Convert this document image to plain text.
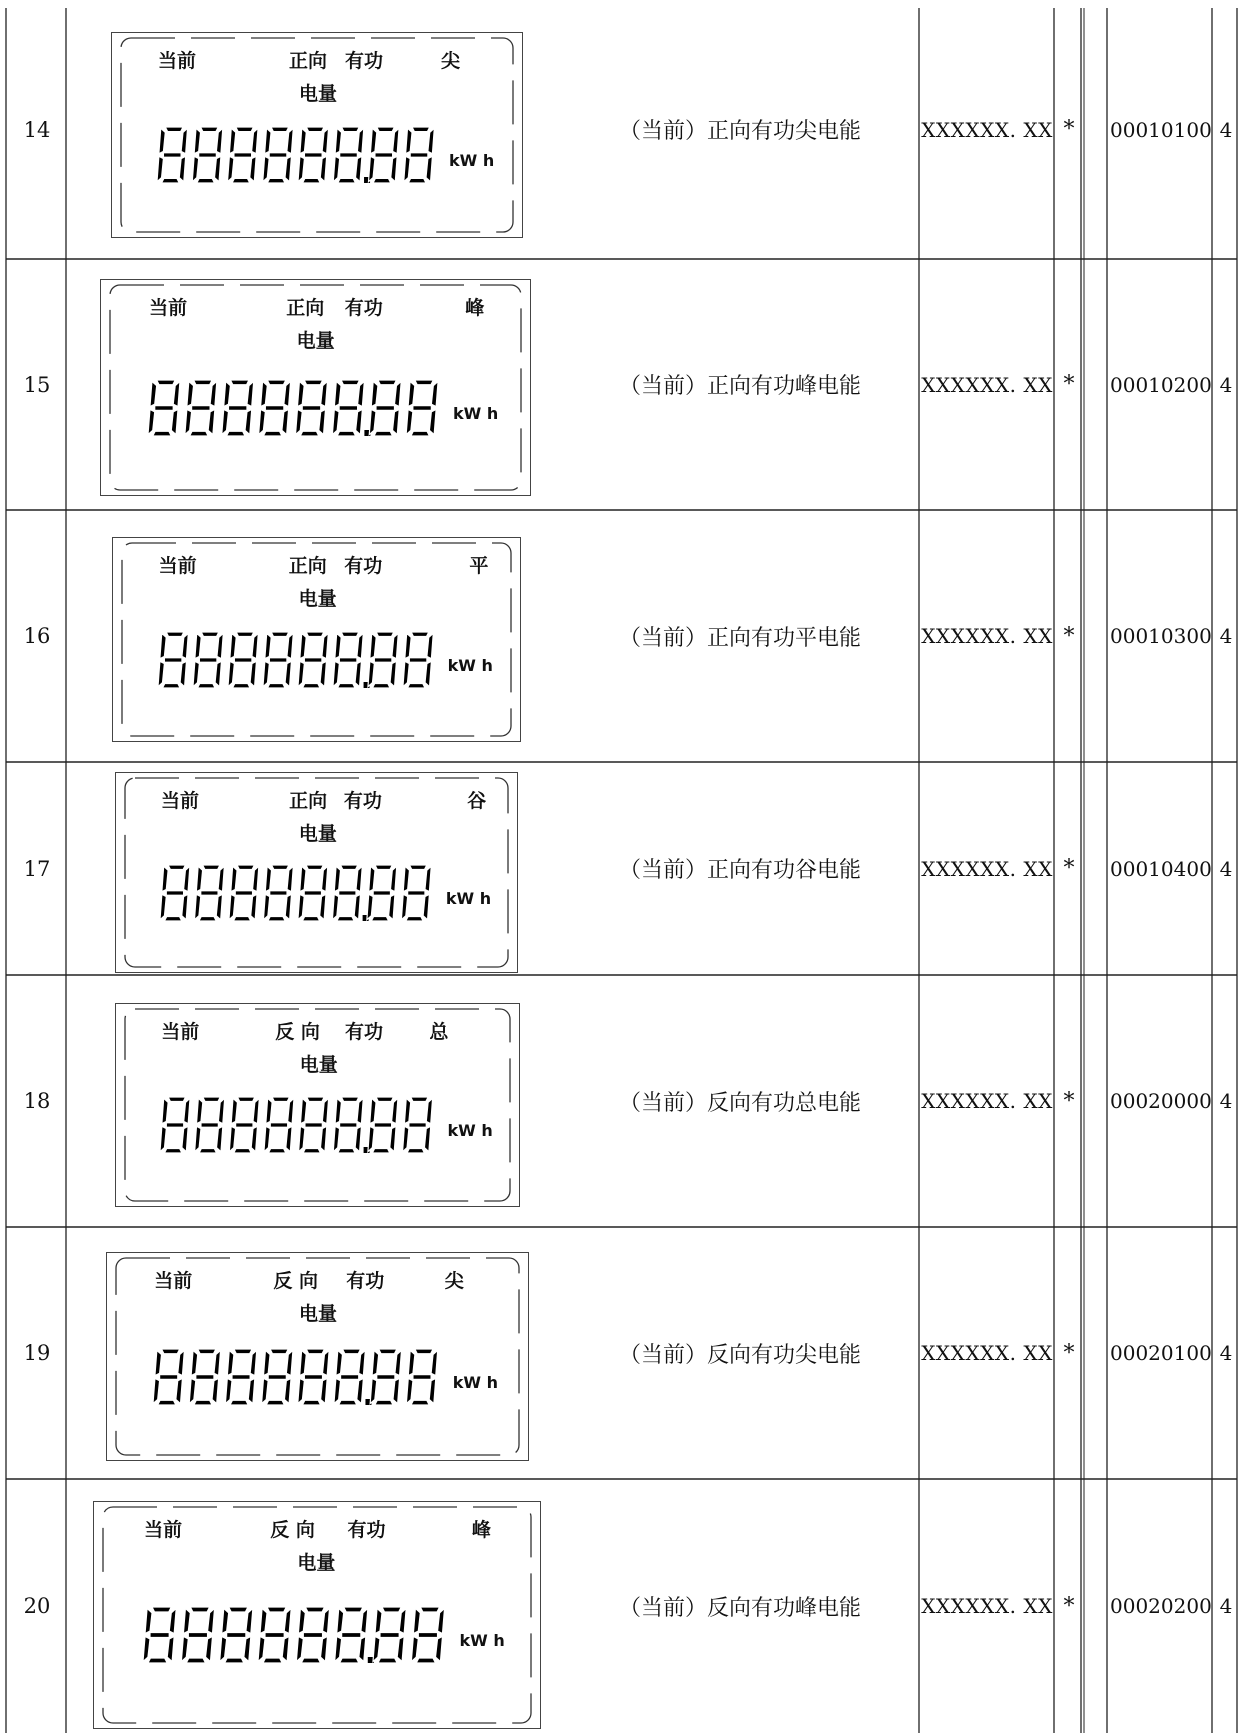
14	（当前）正向有功尖电能	XXXXXX. XX *	00010100 4
当前	正向 有功	尖
电量
kW h
15	（当前）正向有功峰电能	XXXXXX. XX *	00010200 4
当前	正向 有功	峰
电量
kW h
16	（当前）正向有功平电能	XXXXXX. XX *	00010300 4
当前	正向 有功	平
电量
kW h
17	（当前）正向有功谷电能	XXXXXX. XX *	00010400 4
当前	正向 有功	谷
电量
kW h
18	（当前）反向有功总电能	XXXXXX. XX *	00020000 4
当前	反 向 有功 总
电量
kW h
19	（当前）反向有功尖电能	XXXXXX. XX *	00020100 4
当前	反 向 有功	尖
电量
kW h
20	（当前）反向有功峰电能	XXXXXX. XX *	00020200 4
当前	反 向 有功	峰
电量
kW h
